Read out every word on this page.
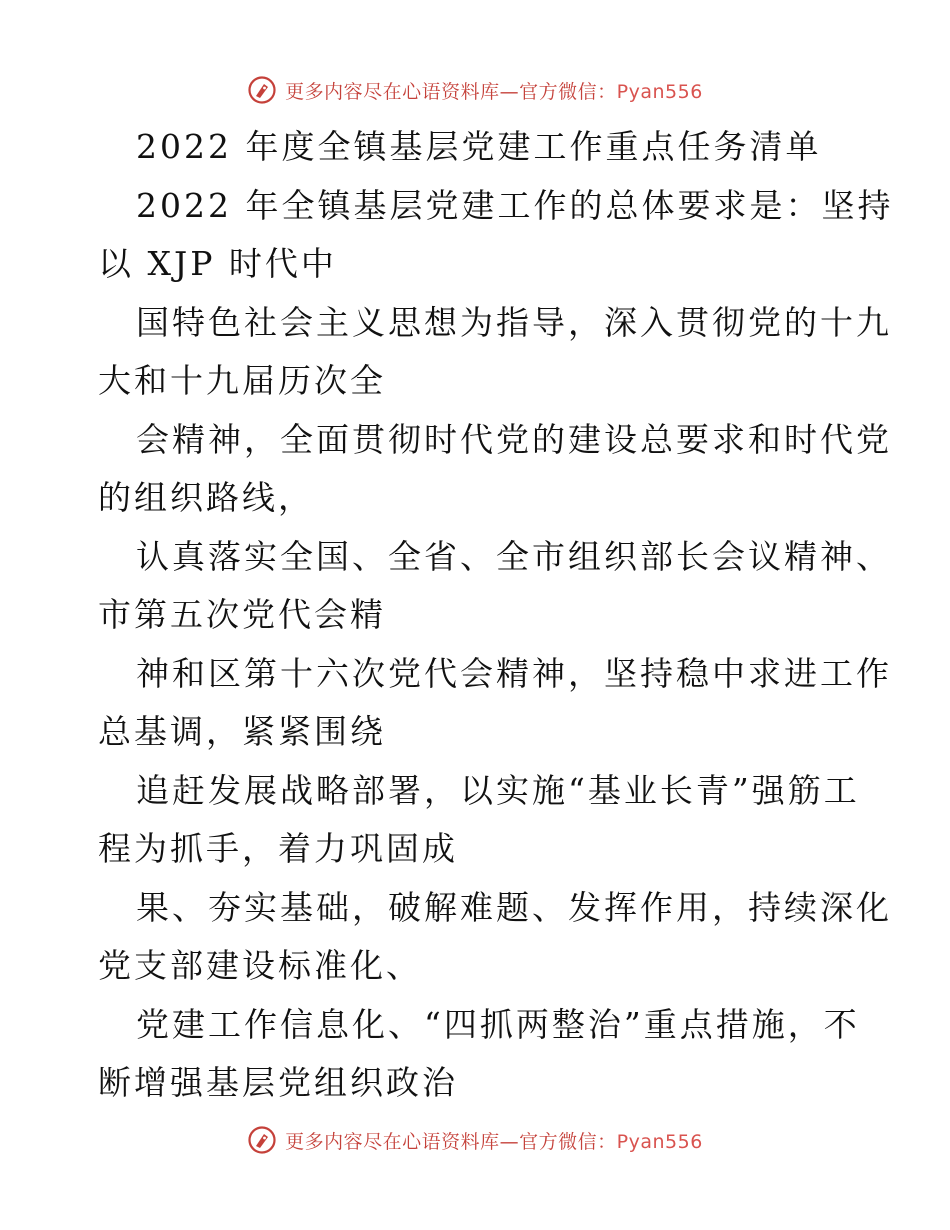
更多内容尽在心语资料库—官方微信：Pyan556
2022 年度全镇基层党建工作重点任务清单
2022 年全镇基层党建工作的总体要求是：坚持
以 XJP 时代中
国特色社会主义思想为指导，深入贯彻党的十九
大和十九届历次全
会精神，全面贯彻时代党的建设总要求和时代党
的组织路线，
认真落实全国、全省、全市组织部长会议精神、
市第五次党代会精
神和区第十六次党代会精神，坚持稳中求进工作
总基调，紧紧围绕
追赶发展战略部署，以实施“基业长青”强筋工
程为抓手，着力巩固成
果、夯实基础，破解难题、发挥作用，持续深化
党支部建设标准化、
党建工作信息化、“四抓两整治”重点措施，不
断增强基层党组织政治
更多内容尽在心语资料库—官方微信：Pyan556
